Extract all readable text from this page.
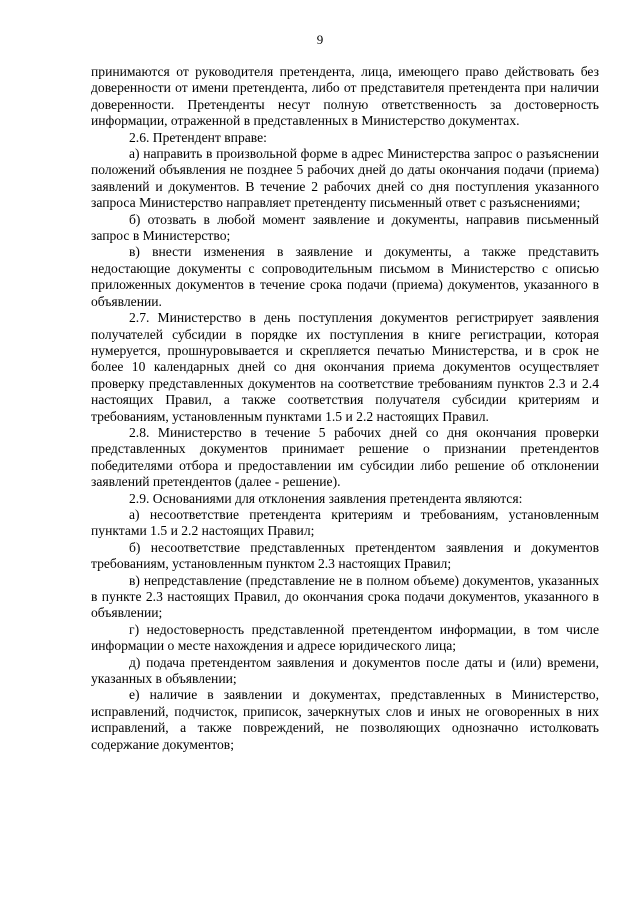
9

принимаются от руководителя претендента, лица, имеющего право действовать без доверенности от имени претендента, либо от представителя претендента при наличии доверенности. Претенденты несут полную ответственность за достоверность информации, отраженной в представленных в Министерство документах.

2.6. Претендент вправе:

а) направить в произвольной форме в адрес Министерства запрос о разъяснении положений объявления не позднее 5 рабочих дней до даты окончания подачи (приема) заявлений и документов. В течение 2 рабочих дней со дня поступления указанного запроса Министерство направляет претенденту письменный ответ с разъяснениями;

б) отозвать в любой момент заявление и документы, направив письменный запрос в Министерство;

в) внести изменения в заявление и документы, а также представить недостающие документы с сопроводительным письмом в Министерство с описью приложенных документов в течение срока подачи (приема) документов, указанного в объявлении.

2.7. Министерство в день поступления документов регистрирует заявления получателей субсидии в порядке их поступления в книге регистрации, которая нумеруется, прошнуровывается и скрепляется печатью Министерства, и в срок не более 10 календарных дней со дня окончания приема документов осуществляет проверку представленных документов на соответствие требованиям пунктов 2.3 и 2.4 настоящих Правил, а также соответствия получателя субсидии критериям и требованиям, установленным пунктами 1.5 и 2.2 настоящих Правил.

2.8. Министерство в течение 5 рабочих дней со дня окончания проверки представленных документов принимает решение о признании претендентов победителями отбора и предоставлении им субсидии либо решение об отклонении заявлений претендентов (далее - решение).

2.9. Основаниями для отклонения заявления претендента являются:

а) несоответствие претендента критериям и требованиям, установленным пунктами 1.5 и 2.2 настоящих Правил;

б) несоответствие представленных претендентом заявления и документов требованиям, установленным пунктом 2.3 настоящих Правил;

в) непредставление (представление не в полном объеме) документов, указанных в пункте 2.3 настоящих Правил, до окончания срока подачи документов, указанного в объявлении;

г) недостоверность представленной претендентом информации, в том числе информации о месте нахождения и адресе юридического лица;

д) подача претендентом заявления и документов после даты и (или) времени, указанных в объявлении;

е) наличие в заявлении и документах, представленных в Министерство, исправлений, подчисток, приписок, зачеркнутых слов и иных не оговоренных в них исправлений, а также повреждений, не позволяющих однозначно истолковать содержание документов;
